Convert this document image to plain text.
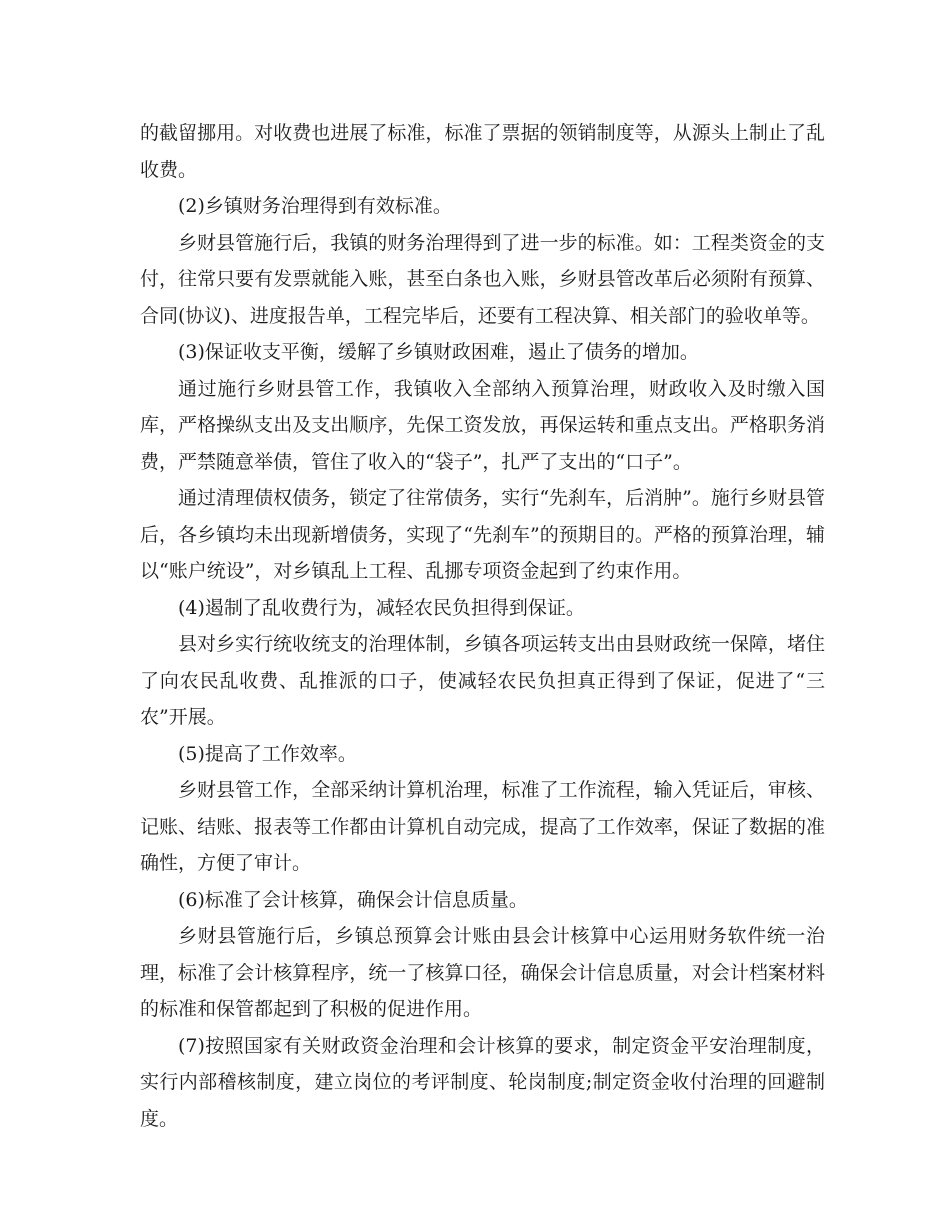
的截留挪用。对收费也进展了标准，标准了票据的领销制度等，从源头上制止了乱收费。

(2)乡镇财务治理得到有效标准。

乡财县管施行后，我镇的财务治理得到了进一步的标准。如：工程类资金的支付，往常只要有发票就能入账，甚至白条也入账，乡财县管改革后必须附有预算、合同(协议)、进度报告单，工程完毕后，还要有工程决算、相关部门的验收单等。

(3)保证收支平衡，缓解了乡镇财政困难，遏止了债务的增加。

通过施行乡财县管工作，我镇收入全部纳入预算治理，财政收入及时缴入国库，严格操纵支出及支出顺序，先保工资发放，再保运转和重点支出。严格职务消费，严禁随意举债，管住了收入的“袋子”，扎严了支出的“口子”。

通过清理债权债务，锁定了往常债务，实行“先刹车，后消肿”。施行乡财县管后，各乡镇均未出现新增债务，实现了“先刹车”的预期目的。严格的预算治理，辅以“账户统设”，对乡镇乱上工程、乱挪专项资金起到了约束作用。

(4)遏制了乱收费行为，减轻农民负担得到保证。

县对乡实行统收统支的治理体制，乡镇各项运转支出由县财政统一保障，堵住了向农民乱收费、乱推派的口子，使减轻农民负担真正得到了保证，促进了“三农”开展。

(5)提高了工作效率。

乡财县管工作，全部采纳计算机治理，标准了工作流程，输入凭证后，审核、记账、结账、报表等工作都由计算机自动完成，提高了工作效率，保证了数据的准确性，方便了审计。

(6)标准了会计核算，确保会计信息质量。

乡财县管施行后，乡镇总预算会计账由县会计核算中心运用财务软件统一治理，标准了会计核算程序，统一了核算口径，确保会计信息质量，对会计档案材料的标准和保管都起到了积极的促进作用。

(7)按照国家有关财政资金治理和会计核算的要求，制定资金平安治理制度，实行内部稽核制度，建立岗位的考评制度、轮岗制度;制定资金收付治理的回避制度。
